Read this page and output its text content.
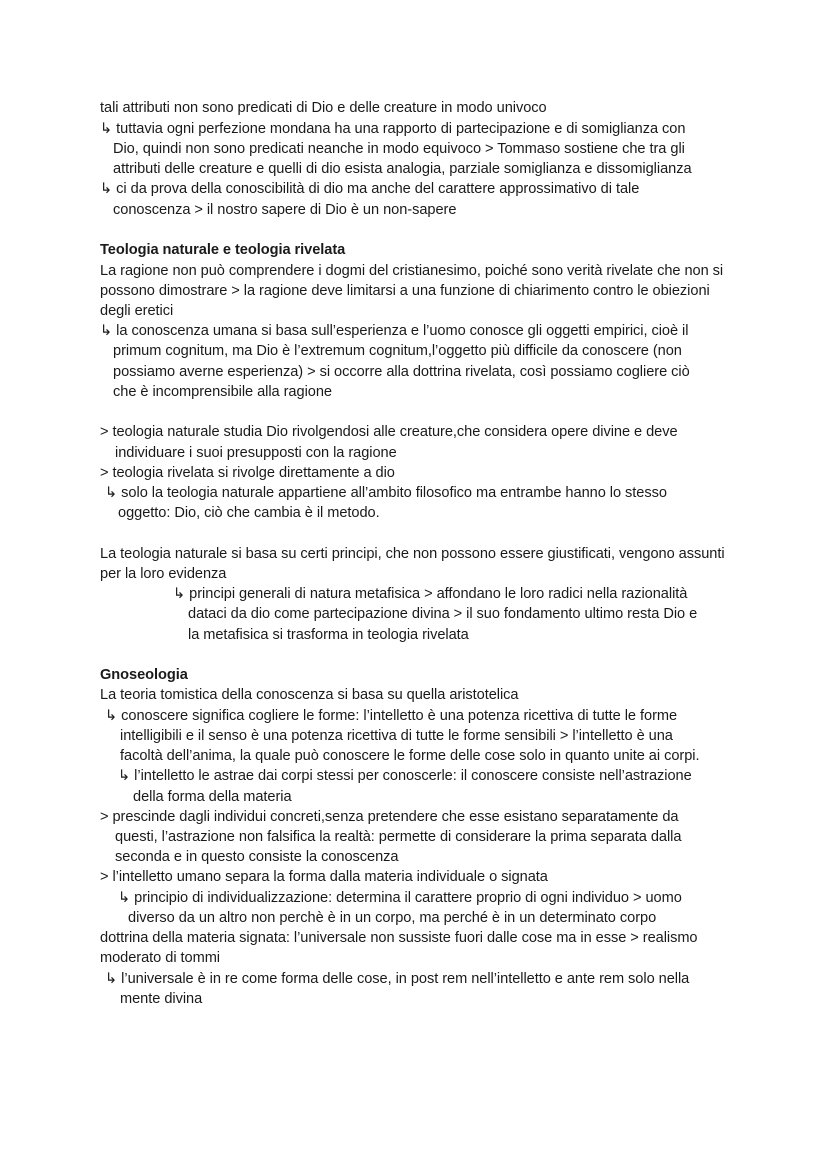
tali attributi non sono predicati di Dio e delle creature in modo univoco
↳ tuttavia ogni perfezione mondana ha una rapporto di partecipazione e di somiglianza con
Dio, quindi non sono predicati neanche in modo equivoco > Tommaso sostiene che tra gli
attributi delle creature e quelli di dio esista analogia, parziale somiglianza e dissomiglianza
↳ ci da prova della conoscibilità di dio ma anche del carattere approssimativo di tale
conoscenza > il nostro sapere di Dio è un non-sapere
Teologia naturale e teologia rivelata
La ragione non può comprendere i dogmi del cristianesimo, poiché sono verità rivelate che non si
possono dimostrare > la ragione deve limitarsi a una funzione di chiarimento contro le obiezioni
degli eretici
↳ la conoscenza umana si basa sull’esperienza e l’uomo conosce gli oggetti empirici, cioè il
primum cognitum, ma Dio è l’extremum cognitum,l’oggetto più difficile da conoscere (non
possiamo averne esperienza) > si occorre alla dottrina rivelata, così possiamo cogliere ciò
che è incomprensibile alla ragione
> teologia naturale studia Dio rivolgendosi alle creature,che considera opere divine e deve
individuare i suoi presupposti con la ragione
> teologia rivelata si rivolge direttamente a dio
↳ solo la teologia naturale appartiene all’ambito filosofico ma entrambe hanno lo stesso
oggetto: Dio, ciò che cambia è il metodo.
La teologia naturale si basa su certi principi, che non possono essere giustificati, vengono assunti
per la loro evidenza
↳ principi generali di natura metafisica > affondano le loro radici nella razionalità
dataci da dio come partecipazione divina > il suo fondamento ultimo resta Dio e
la metafisica si trasforma in teologia rivelata
Gnoseologia
La teoria tomistica della conoscenza si basa su quella aristotelica
↳ conoscere significa cogliere le forme: l’intelletto è una potenza ricettiva di tutte le forme
intelligibili e il senso è una potenza ricettiva di tutte le forme sensibili > l’intelletto è una
facoltà dell’anima, la quale può conoscere le forme delle cose solo in quanto unite ai corpi.
↳ l’intelletto le astrae dai corpi stessi per conoscerle: il conoscere consiste nell’astrazione
della forma della materia
> prescinde dagli individui concreti,senza pretendere che esse esistano separatamente da
questi, l’astrazione non falsifica la realtà: permette di considerare la prima separata dalla
seconda e in questo consiste la conoscenza
> l’intelletto umano separa la forma dalla materia individuale o signata
↳ principio di individualizzazione: determina il carattere proprio di ogni individuo > uomo
diverso da un altro non perchè è in un corpo, ma perché è in un determinato corpo
dottrina della materia signata: l’universale non sussiste fuori dalle cose ma in esse > realismo
moderato di tommi
↳ l’universale è in re come forma delle cose, in post rem nell’intelletto e ante rem solo nella
mente divina
